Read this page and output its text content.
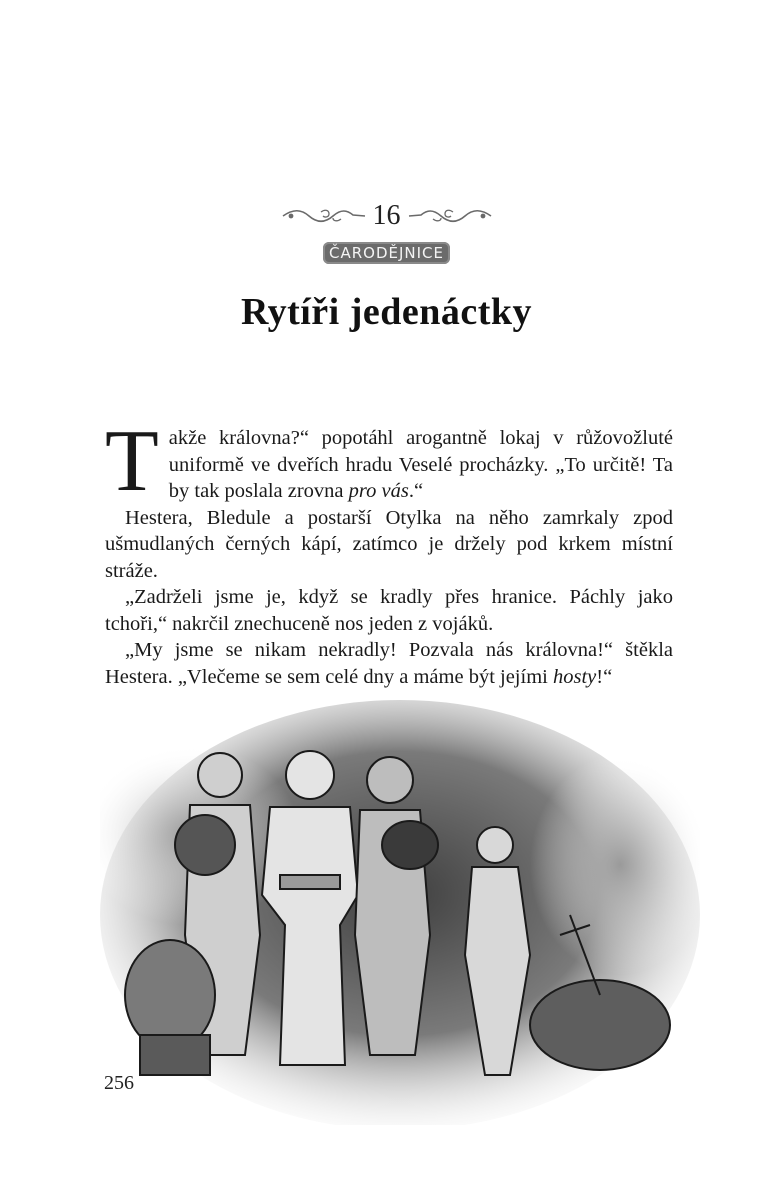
16
ČARODĚJNICE
Rytíři jedenáctky

Takže královna?“ popotáhl arogantně lokaj v růžovožluté uniformě ve dveřích hradu Veselé procházky. „To určitě! Ta by tak poslala zrovna pro vás.“

Hestera, Bledule a postarší Otylka na něho zamrkaly zpod ušmudlaných černých kápí, zatímco je držely pod krkem místní stráže.

„Zadrželi jsme je, když se kradly přes hranice. Páchly jako tchoři,“ nakrčil znechuceně nos jeden z vojáků.

„My jsme se nikam nekradly! Pozvala nás královna!“ štěkla Hestera. „Vlečeme se sem celé dny a máme být jejími hosty!“

256
